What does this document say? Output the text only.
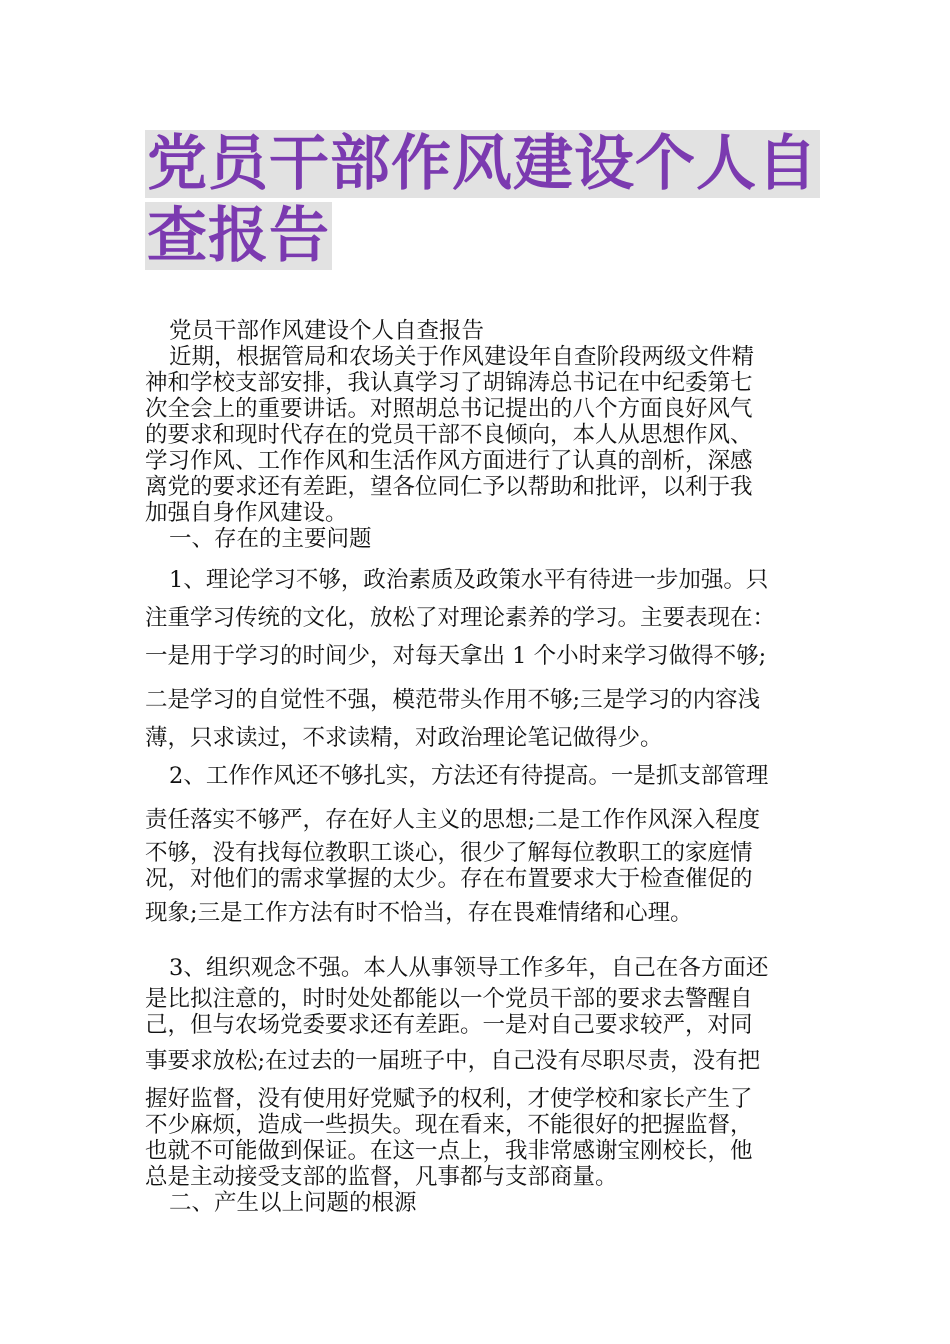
党员干部作风建设个人自
查报告

党员干部作风建设个人自查报告

近期，根据管局和农场关于作风建设年自查阶段两级文件精

神和学校支部安排，我认真学习了胡锦涛总书记在中纪委第七

次全会上的重要讲话。对照胡总书记提出的八个方面良好风气

的要求和现时代存在的党员干部不良倾向，本人从思想作风、

学习作风、工作作风和生活作风方面进行了认真的剖析，深感

离党的要求还有差距，望各位同仁予以帮助和批评，以利于我

加强自身作风建设。

一、存在的主要问题

1、理论学习不够，政治素质及政策水平有待进一步加强。只

注重学习传统的文化，放松了对理论素养的学习。主要表现在：

一是用于学习的时间少，对每天拿出 1 个小时来学习做得不够;

二是学习的自觉性不强，模范带头作用不够;三是学习的内容浅

薄，只求读过，不求读精，对政治理论笔记做得少。

2、工作作风还不够扎实，方法还有待提高。一是抓支部管理

责任落实不够严，存在好人主义的思想;二是工作作风深入程度

不够，没有找每位教职工谈心，很少了解每位教职工的家庭情

况，对他们的需求掌握的太少。存在布置要求大于检查催促的

现象;三是工作方法有时不恰当，存在畏难情绪和心理。

3、组织观念不强。本人从事领导工作多年，自己在各方面还

是比拟注意的，时时处处都能以一个党员干部的要求去警醒自

己，但与农场党委要求还有差距。一是对自己要求较严，对同

事要求放松;在过去的一届班子中，自己没有尽职尽责，没有把

握好监督，没有使用好党赋予的权利，才使学校和家长产生了

不少麻烦，造成一些损失。现在看来，不能很好的把握监督，

也就不可能做到保证。在这一点上，我非常感谢宝刚校长，他

总是主动接受支部的监督，凡事都与支部商量。

二、产生以上问题的根源
